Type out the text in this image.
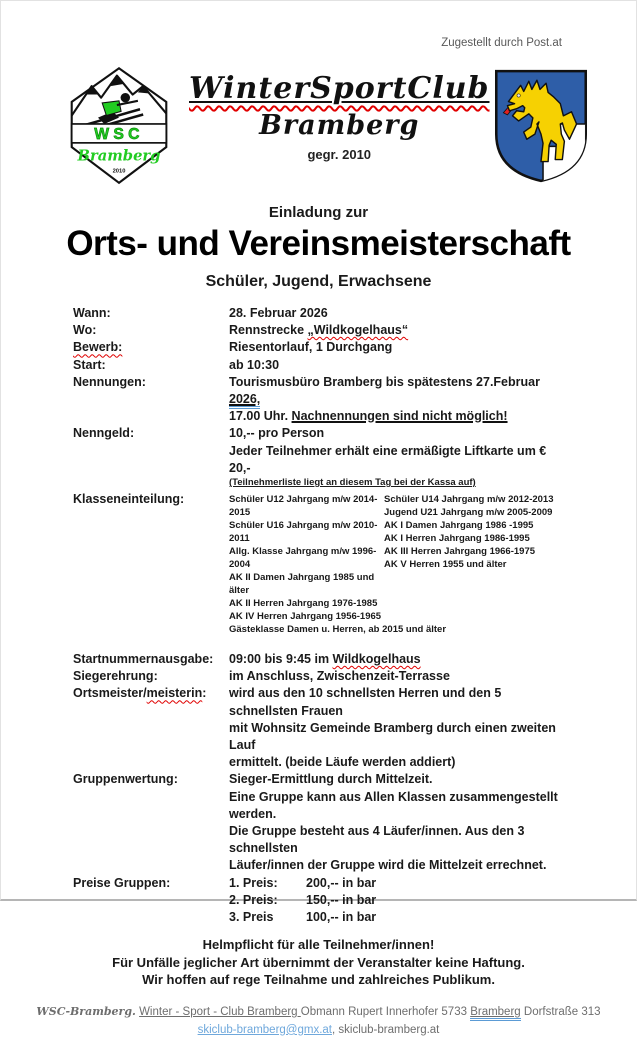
Zugestellt durch Post.at
WSC
Bramberg
2010
WinterSportClub
Bramberg
gegr. 2010
Einladung zur
Orts- und Vereinsmeisterschaft
Schüler, Jugend, Erwachsene
Wann:	28. Februar 2026
Wo:	Rennstrecke „Wildkogelhaus“
Bewerb:	Riesentorlauf, 1 Durchgang
Start:	ab 10:30
Nennungen:	Tourismusbüro Bramberg bis spätestens 27.Februar 2026,
17.00 Uhr. Nachnennungen sind nicht möglich!
Nenngeld:	10,-- pro Person
Jeder Teilnehmer erhält eine ermäßigte Liftkarte um € 20,-
(Teilnehmerliste liegt an diesem Tag bei der Kassa auf)
Klasseneinteilung:	Schüler U12 Jahrgang m/w 2014-2015
Schüler U16 Jahrgang m/w 2010-2011
Allg. Klasse Jahrgang m/w 1996-2004
AK II Damen Jahrgang 1985 und älter
AK II Herren Jahrgang 1976-1985
AK IV Herren Jahrgang 1956-1965
Schüler U14 Jahrgang m/w 2012-2013
Jugend U21 Jahrgang m/w 2005-2009
AK I Damen Jahrgang 1986 -1995
AK I Herren Jahrgang 1986-1995
AK III Herren Jahrgang 1966-1975
AK V Herren 1955 und älter
Gästeklasse Damen u. Herren, ab 2015 und älter
Startnummernausgabe:	09:00 bis 9:45 im Wildkogelhaus
Siegerehrung:	im Anschluss, Zwischenzeit-Terrasse
Ortsmeister/meisterin:	wird aus den 10 schnellsten Herren und den 5 schnellsten Frauen
mit Wohnsitz Gemeinde Bramberg durch einen zweiten Lauf
ermittelt. (beide Läufe werden addiert)
Gruppenwertung:	Sieger-Ermittlung durch Mittelzeit.
Eine Gruppe kann aus Allen Klassen zusammengestellt werden.
Die Gruppe besteht aus 4 Läufer/innen. Aus den 3 schnellsten
Läufer/innen der Gruppe wird die Mittelzeit errechnet.
Preise Gruppen:	1. Preis:	200,-- in bar
2. Preis:	150,-- in bar
3. Preis	100,-- in bar
Helmpflicht für alle Teilnehmer/innen!
Für Unfälle jeglicher Art übernimmt der Veranstalter keine Haftung.
Wir hoffen auf rege Teilnahme und zahlreiches Publikum.
WSC-Bramberg. Winter - Sport - Club Bramberg Obmann Rupert Innerhofer 5733 Bramberg Dorfstraße 313
skiclub-bramberg@gmx.at, skiclub-bramberg.at
